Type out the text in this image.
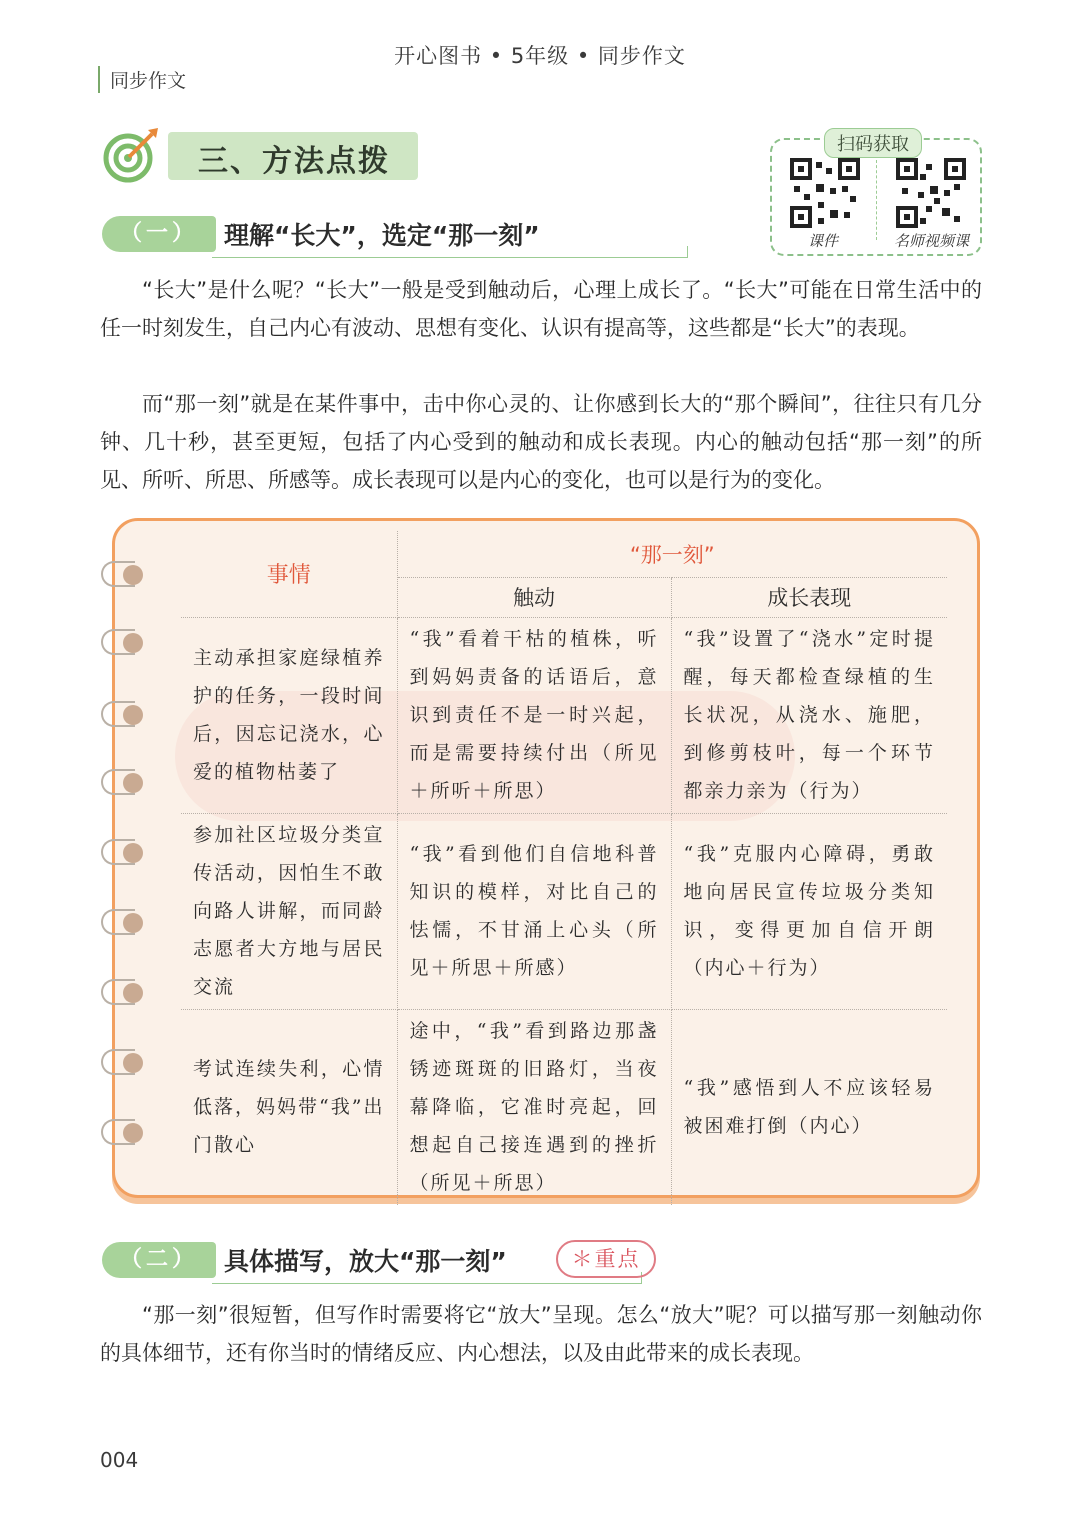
开心图书 • 5年级 • 同步作文
同步作文
三、方法点拨	扫码获取
课件	名师视频课
（一）	理解“长大”，选定“那一刻”

“长大”是什么呢？“长大”一般是受到触动后，心理上成长了。“长大”可能在日常生活中的任一时刻发生，自己内心有波动、思想有变化、认识有提高等，这些都是“长大”的表现。

而“那一刻”就是在某件事中，击中你心灵的、让你感到长大的“那个瞬间”，往往只有几分钟、几十秒，甚至更短，包括了内心受到的触动和成长表现。内心的触动包括“那一刻”的所见、所听、所思、所感等。成长表现可以是内心的变化，也可以是行为的变化。

事情	“那一刻”	
	触动	成长表现
主动承担家庭绿植养护的任务，一段时间后，因忘记浇水，心爱的植物枯萎了	“我”看着干枯的植株，听到妈妈责备的话语后，意识到责任不是一时兴起，而是需要持续付出（所见＋所听＋所思）	“我”设置了“浇水”定时提醒，每天都检查绿植的生长状况，从浇水、施肥，到修剪枝叶，每一个环节都亲力亲为（行为）
参加社区垃圾分类宣传活动，因怕生不敢向路人讲解，而同龄志愿者大方地与居民交流	“我”看到他们自信地科普知识的模样，对比自己的怯懦，不甘涌上心头（所见＋所思＋所感）	“我”克服内心障碍，勇敢地向居民宣传垃圾分类知识，变得更加自信开朗（内心＋行为）
考试连续失利，心情低落，妈妈带“我”出门散心	途中，“我”看到路边那盏锈迹斑斑的旧路灯，当夜幕降临，它准时亮起，回想起自己接连遇到的挫折（所见＋所思）	“我”感悟到人不应该轻易被困难打倒（内心）
（二）	具体描写，放大“那一刻”	＊重点

“那一刻”很短暂，但写作时需要将它“放大”呈现。怎么“放大”呢？可以描写那一刻触动你的具体细节，还有你当时的情绪反应、内心想法，以及由此带来的成长表现。

004
